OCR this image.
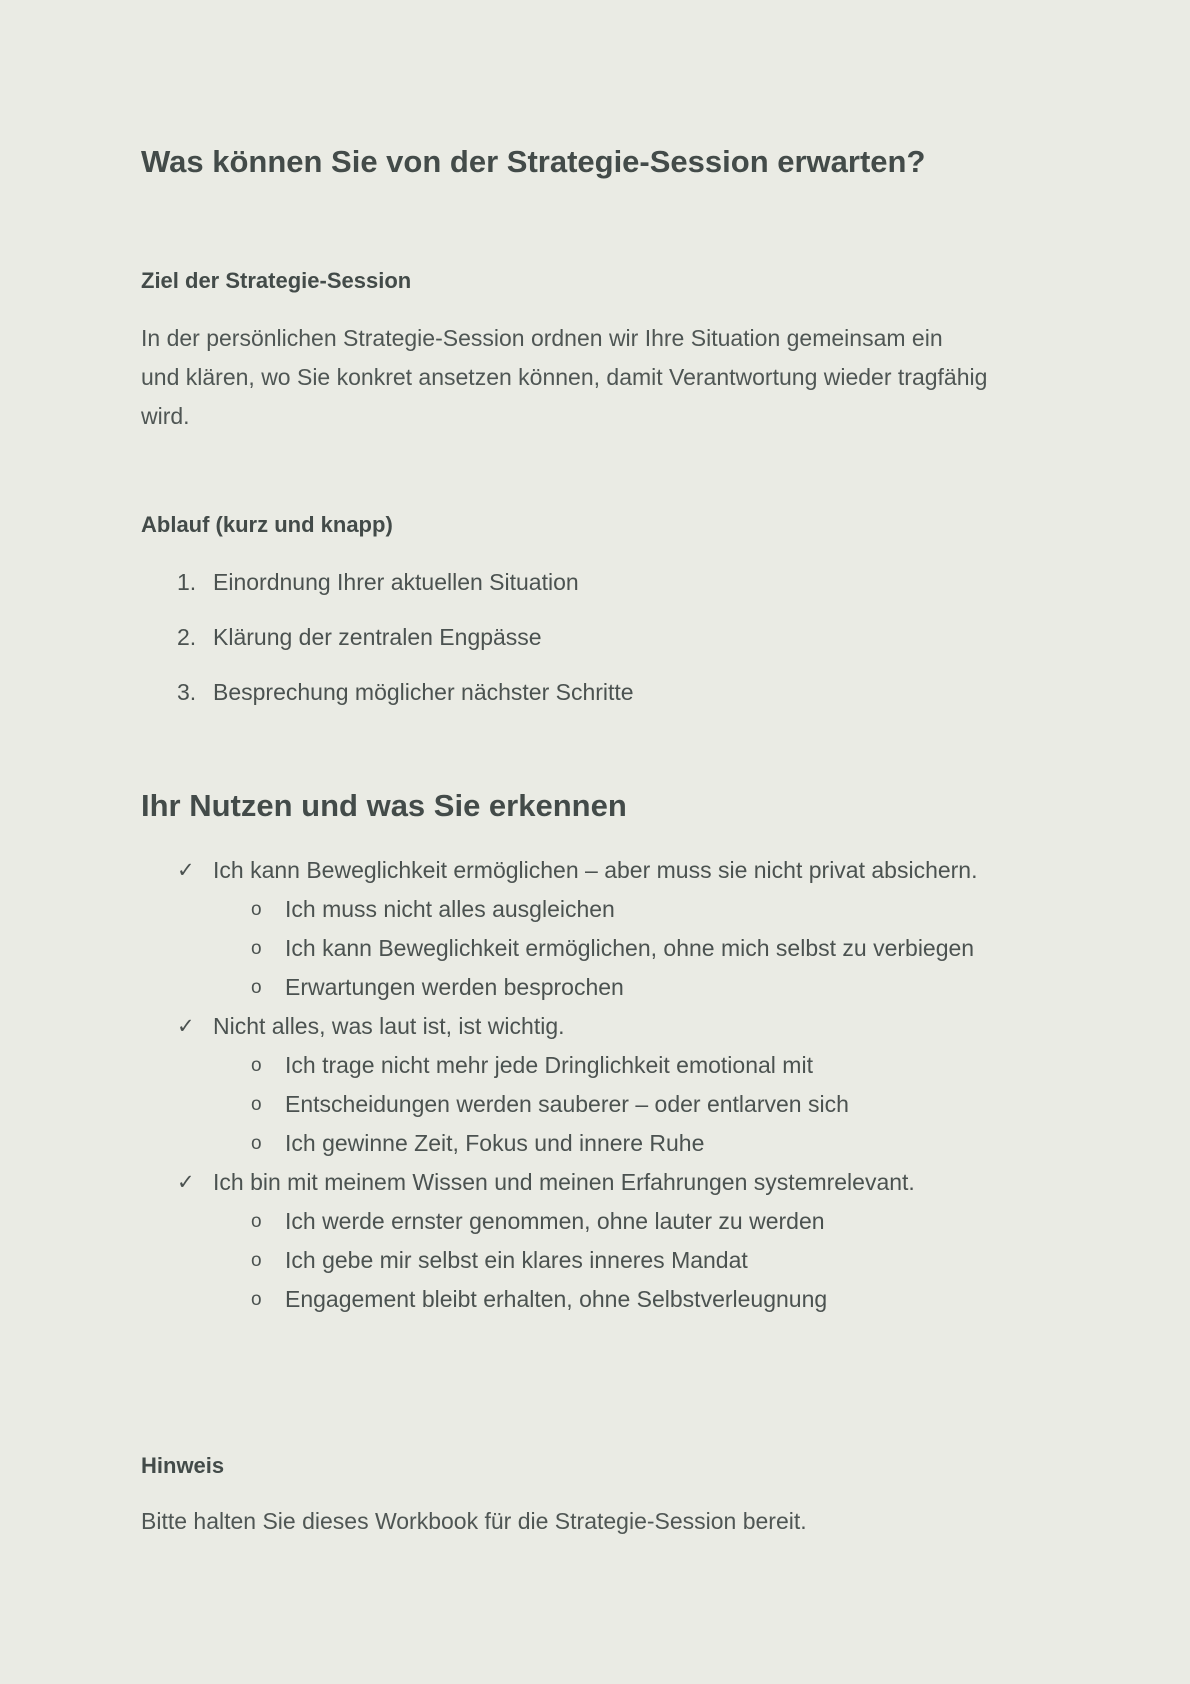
Was können Sie von der Strategie-Session erwarten?
Ziel der Strategie-Session

In der persönlichen Strategie-Session ordnen wir Ihre Situation gemeinsam ein
und klären, wo Sie konkret ansetzen können, damit Verantwortung wieder tragfähig
wird.

Ablauf (kurz und knapp)
1. Einordnung Ihrer aktuellen Situation
2. Klärung der zentralen Engpässe
3. Besprechung möglicher nächster Schritte
Ihr Nutzen und was Sie erkennen
✓ Ich kann Beweglichkeit ermöglichen – aber muss sie nicht privat absichern.
o Ich muss nicht alles ausgleichen
o Ich kann Beweglichkeit ermöglichen, ohne mich selbst zu verbiegen
o Erwartungen werden besprochen
✓ Nicht alles, was laut ist, ist wichtig.
o Ich trage nicht mehr jede Dringlichkeit emotional mit
o Entscheidungen werden sauberer – oder entlarven sich
o Ich gewinne Zeit, Fokus und innere Ruhe
✓ Ich bin mit meinem Wissen und meinen Erfahrungen systemrelevant.
o Ich werde ernster genommen, ohne lauter zu werden
o Ich gebe mir selbst ein klares inneres Mandat
o Engagement bleibt erhalten, ohne Selbstverleugnung
Hinweis

Bitte halten Sie dieses Workbook für die Strategie-Session bereit.
